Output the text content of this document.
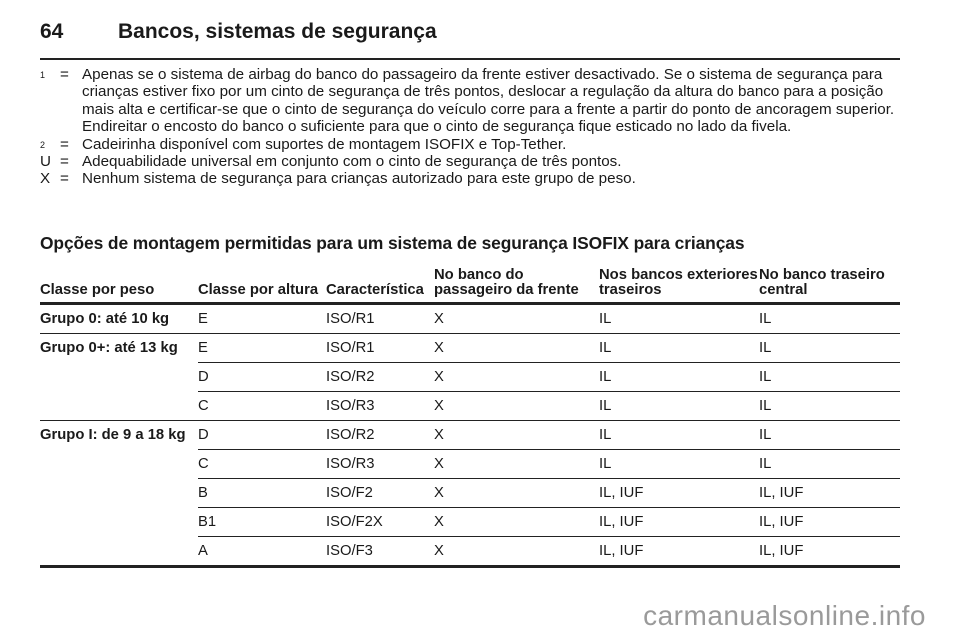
64	Bancos, sistemas de segurança
$^1$ = Apenas se o sistema de airbag do banco do passageiro da frente estiver desactivado. Se o sistema de segurança para crianças estiver fixo por um cinto de segurança de três pontos, deslocar a regulação da altura do banco para a posição mais alta e certificar-se que o cinto de segurança do veículo corre para a frente a partir do ponto de ancoragem superior. Endireitar o encosto do banco o suficiente para que o cinto de segurança fique esticado no lado da fivela.
$^2$ = Cadeirinha disponível com suportes de montagem ISOFIX e Top-Tether.
U = Adequabilidade universal em conjunto com o cinto de segurança de três pontos.
X = Nenhum sistema de segurança para crianças autorizado para este grupo de peso.
Opções de montagem permitidas para um sistema de segurança ISOFIX para crianças
Classe por peso	Classe por altura	Característica	No banco do passageiro da frente	Nos bancos exteriores traseiros	No banco traseiro central
Grupo 0: até 10 kg	E	ISO/R1	X	IL	IL
Grupo 0+: até 13 kg	E	ISO/R1	X	IL	IL
	D	ISO/R2	X	IL	IL
	C	ISO/R3	X	IL	IL
Grupo I: de 9 a 18 kg	D	ISO/R2	X	IL	IL
	C	ISO/R3	X	IL	IL
	B	ISO/F2	X	IL, IUF	IL, IUF
	B1	ISO/F2X	X	IL, IUF	IL, IUF
	A	ISO/F3	X	IL, IUF	IL, IUF
carmanualsonline.info
